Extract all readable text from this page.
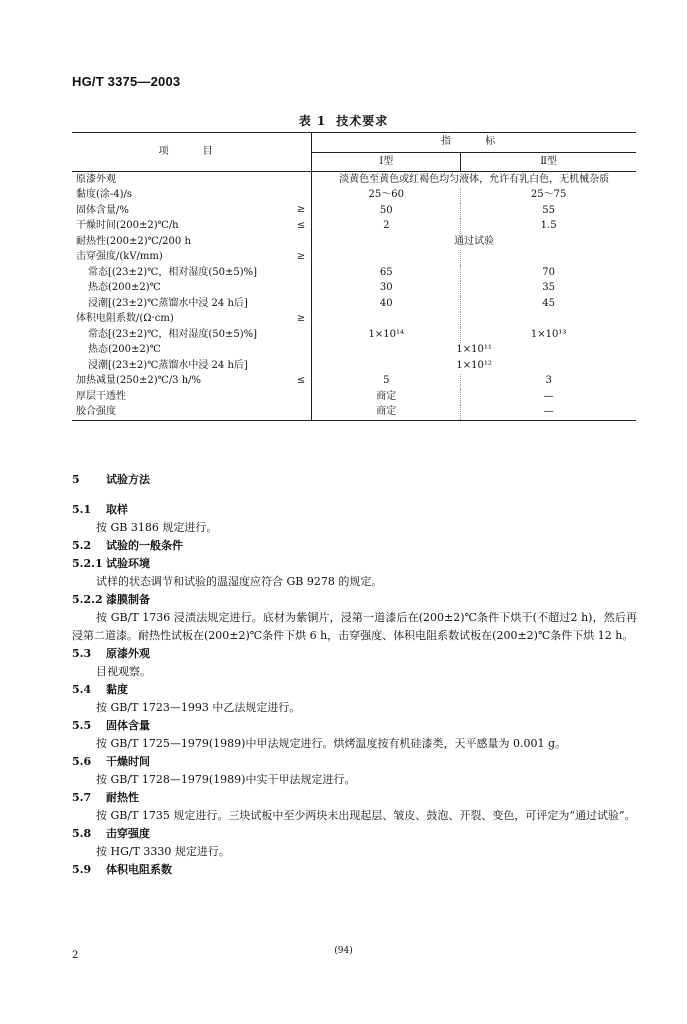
HG/T 3375—2003
表 1 技术要求
项　目	指　标	
	Ⅰ型	Ⅱ型
原漆外观	淡黄色至黄色或红褐色均匀液体，允许有乳白色，无机械杂质	
黏度(涂-4)/s	25～60	25～75
固体含量/% ≥	50	55
干燥时间(200±2)℃/h ≤	2	1.5
耐热性(200±2)℃/200 h	通过试验	
击穿强度/(kV/mm) ≥		

常态[(23±2)℃，相对湿度(50±5)%]	65	70
热态(200±2)℃	30	35
浸潮[(23±2)℃蒸馏水中浸 24 h后]	40	45
体积电阻系数/(Ω·cm) ≥		

常态[(23±2)℃，相对湿度(50±5)%]	1×10¹⁴	1×10¹³
热态(200±2)℃	1×10¹¹	
浸潮[(23±2)℃蒸馏水中浸 24 h后]	1×10¹²	
加热减量(250±2)℃/3 h/% ≤	5	3
厚层干透性	商定	—
胶合强度	商定	—
5 试验方法
5.1 取样
按 GB 3186 规定进行。
5.2 试验的一般条件
5.2.1 试验环境
试样的状态调节和试验的温湿度应符合 GB 9278 的规定。
5.2.2 漆膜制备
按 GB/T 1736 浸渍法规定进行。底材为紫铜片，浸第一道漆后在(200±2)℃条件下烘干(不超过2 h)，然后再浸第二道漆。耐热性试板在(200±2)℃条件下烘 6 h，击穿强度、体积电阻系数试板在(200±2)℃条件下烘 12 h。
5.3 原漆外观
目视观察。
5.4 黏度
按 GB/T 1723—1993 中乙法规定进行。
5.5 固体含量
按 GB/T 1725—1979(1989)中甲法规定进行。烘烤温度按有机硅漆类，天平感量为 0.001 g。
5.6 干燥时间
按 GB/T 1728—1979(1989)中实干甲法规定进行。
5.7 耐热性
按 GB/T 1735 规定进行。三块试板中至少两块未出现起层、皱皮、鼓泡、开裂、变色，可评定为“通过试验”。
5.8 击穿强度
按 HG/T 3330 规定进行。
5.9 体积电阻系数
2	(94)
